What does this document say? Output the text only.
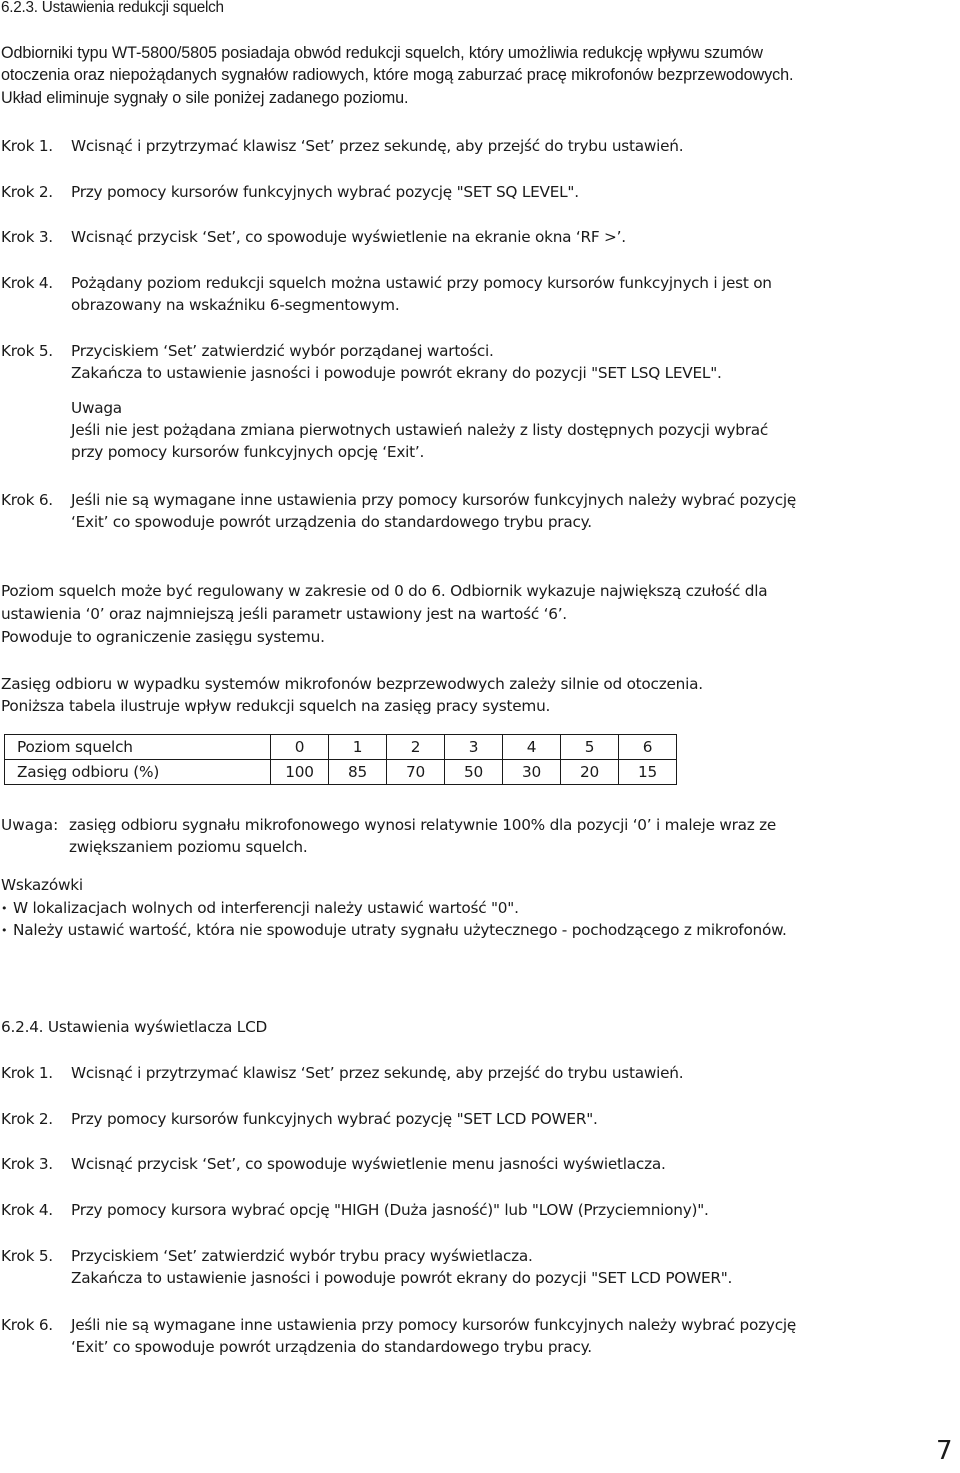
6.2.3. Ustawienia redukcji squelch
Odbiorniki typu WT-5800/5805 posiadaja obwód redukcji squelch, który umożliwia redukcję wpływu szumów
otoczenia oraz niepożądanych sygnałów radiowych, które mogą zaburzać pracę mikrofonów bezprzewodowych.
Układ eliminuje sygnały o sile poniżej zadanego poziomu.
Krok 1. Wcisnąć i przytrzymać klawisz ‘Set’ przez sekundę, aby przejść do trybu ustawień.
Krok 2. Przy pomocy kursorów funkcyjnych wybrać pozycję "SET SQ LEVEL".
Krok 3. Wcisnąć przycisk ‘Set’, co spowoduje wyświetlenie na ekranie okna ‘RF >’.
Krok 4. Pożądany poziom redukcji squelch można ustawić przy pomocy kursorów funkcyjnych i jest on
obrazowany na wskaźniku 6-segmentowym.
Krok 5. Przyciskiem ‘Set’ zatwierdzić wybór porządanej wartości.
Zakańcza to ustawienie jasności i powoduje powrót ekrany do pozycji "SET LSQ LEVEL".
Uwaga
Jeśli nie jest pożądana zmiana pierwotnych ustawień należy z listy dostępnych pozycji wybrać
przy pomocy kursorów funkcyjnych opcję ‘Exit’.
Krok 6. Jeśli nie są wymagane inne ustawienia przy pomocy kursorów funkcyjnych należy wybrać pozycję
‘Exit’ co spowoduje powrót urządzenia do standardowego trybu pracy.
Poziom squelch może być regulowany w zakresie od 0 do 6. Odbiornik wykazuje największą czułość dla
ustawienia ‘0’ oraz najmniejszą jeśli parametr ustawiony jest na wartość ‘6’.
Powoduje to ograniczenie zasięgu systemu.
Zasięg odbioru w wypadku systemów mikrofonów bezprzewodwych zależy silnie od otoczenia.
Poniższa tabela ilustruje wpływ redukcji squelch na zasięg pracy systemu.
Poziom squelch	0	1	2	3	4	5	6
Zasięg odbioru (%)	100	85	70	50	30	20	15
Uwaga: zasięg odbioru sygnału mikrofonowego wynosi relatywnie 100% dla pozycji ‘0’ i maleje wraz ze
zwiększaniem poziomu squelch.
Wskazówki
• W lokalizacjach wolnych od interferencji należy ustawić wartość "0".
• Należy ustawić wartość, która nie spowoduje utraty sygnału użytecznego - pochodzącego z mikrofonów.
6.2.4. Ustawienia wyświetlacza LCD
Krok 1. Wcisnąć i przytrzymać klawisz ‘Set’ przez sekundę, aby przejść do trybu ustawień.
Krok 2. Przy pomocy kursorów funkcyjnych wybrać pozycję "SET LCD POWER".
Krok 3. Wcisnąć przycisk ‘Set’, co spowoduje wyświetlenie menu jasności wyświetlacza.
Krok 4. Przy pomocy kursora wybrać opcję "HIGH (Duża jasność)" lub "LOW (Przyciemniony)".
Krok 5. Przyciskiem ‘Set’ zatwierdzić wybór trybu pracy wyświetlacza.
Zakańcza to ustawienie jasności i powoduje powrót ekrany do pozycji "SET LCD POWER".
Krok 6. Jeśli nie są wymagane inne ustawienia przy pomocy kursorów funkcyjnych należy wybrać pozycję
‘Exit’ co spowoduje powrót urządzenia do standardowego trybu pracy.
7
